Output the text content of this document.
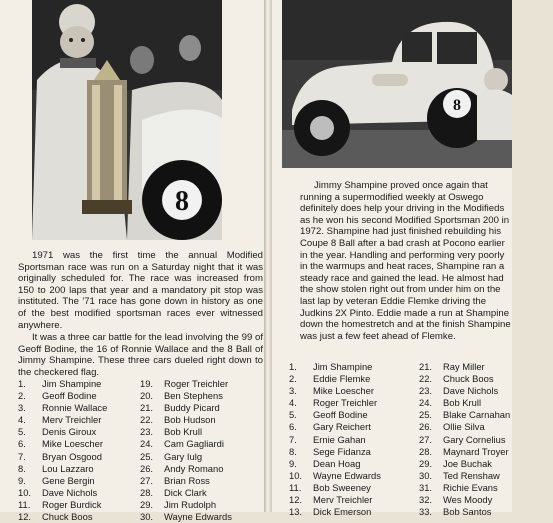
8

1971 was the first time the annual Modified Sportsman race was run on a Saturday night that it was originally scheduled for. The race was increased from 150 to 200 laps that year and a mandatory pit stop was instituted. The '71 race has gone down in history as one of the best modified sportsman races ever witnessed anywhere.

It was a three car battle for the lead involving the 99 of Geoff Bodine, the 16 of Ronnie Wallace and the 8 Ball of Jimmy Shampine. These three cars dueled right down to the checkered flag.

1.	Jim Shampine
2.	Geoff Bodine
3.	Ronnie Wallace
4.	Merv Treichler
5.	Denis Giroux
6.	Mike Loescher
7.	Bryan Osgood
8.	Lou Lazzaro
9.	Gene Bergin
10.	Dave Nichols
11.	Roger Burdick
12.	Chuck Boos
19.	Roger Treichler
20.	Ben Stephens
21.	Buddy Picard
22.	Bob Hudson
23.	Bob Krull
24.	Cam Gagliardi
25.	Gary Iulg
26.	Andy Romano
27.	Brian Ross
28.	Dick Clark
29.	Jim Rudolph
30.	Wayne Edwards
8

Jimmy Shampine proved once again that running a supermodified weekly at Oswego definitely does help your driving in the Modifieds as he won his second Modified Sportsman 200 in 1972. Shampine had just finished rebuilding his Coupe 8 Ball after a bad crash at Pocono earlier in the year. Handling and performing very poorly in the warmups and heat races, Shampine ran a steady race and gained the lead. He almost had the show stolen right out from under him on the last lap by veteran Eddie Flemke driving the Judkins 2X Pinto. Eddie made a run at Shampine down the homestretch and at the finish Shampine was just a few feet ahead of Flemke.

1.	Jim Shampine
2.	Eddie Flemke
3.	Mike Loescher
4.	Roger Treichler
5.	Geoff Bodine
6.	Gary Reichert
7.	Ernie Gahan
8.	Sege Fidanza
9.	Dean Hoag
10.	Wayne Edwards
11.	Bob Sweeney
12.	Merv Treichler
13.	Dick Emerson
21.	Ray Miller
22.	Chuck Boos
23.	Dave Nichols
24.	Bob Krull
25.	Blake Carnahan
26.	Ollie Silva
27.	Gary Cornelius
28.	Maynard Troyer
29.	Joe Buchak
30.	Ted Renshaw
31.	Richie Evans
32.	Wes Moody
33.	Bob Santos
